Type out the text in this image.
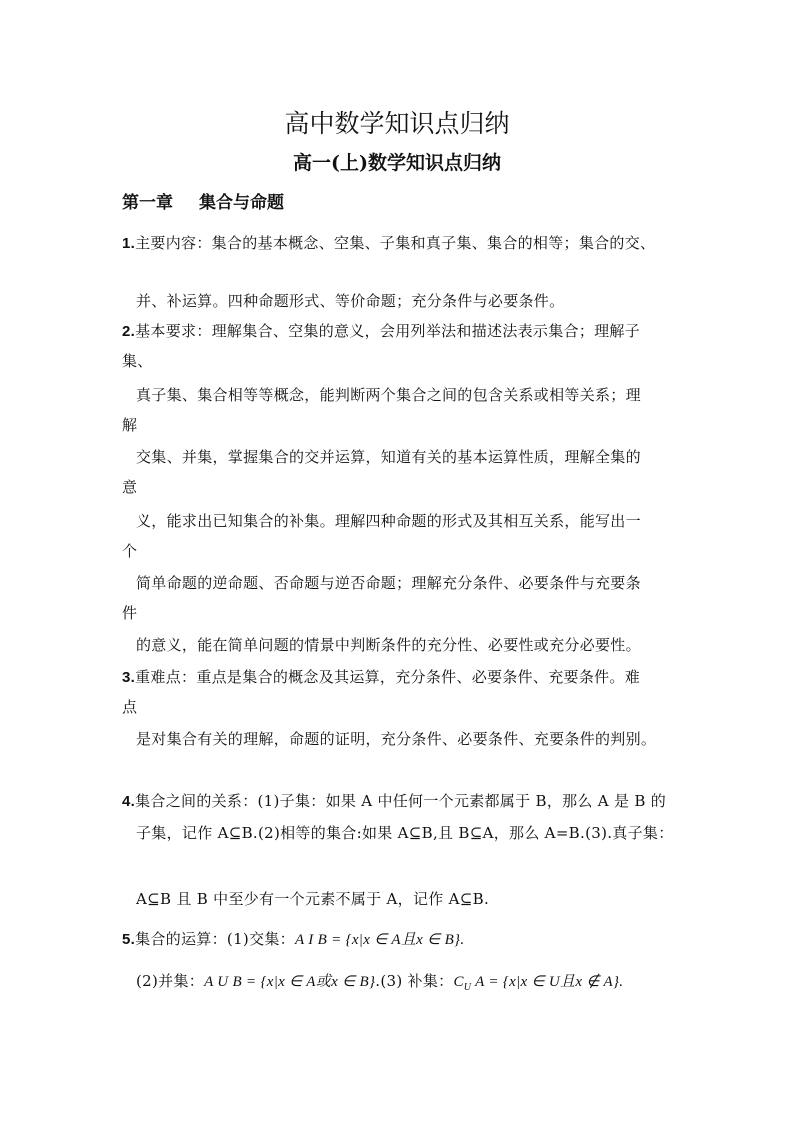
高中数学知识点归纳
高一(上)数学知识点归纳
第一章 集合与命题
1.主要内容：集合的基本概念、空集、子集和真子集、集合的相等；集合的交、
并、补运算。四种命题形式、等价命题；充分条件与必要条件。
2.基本要求：理解集合、空集的意义，会用列举法和描述法表示集合；理解子
集、
真子集、集合相等等概念，能判断两个集合之间的包含关系或相等关系；理
解
交集、并集，掌握集合的交并运算，知道有关的基本运算性质，理解全集的
意
义，能求出已知集合的补集。理解四种命题的形式及其相互关系，能写出一
个
简单命题的逆命题、否命题与逆否命题；理解充分条件、必要条件与充要条
件
的意义，能在简单问题的情景中判断条件的充分性、必要性或充分必要性。
3.重难点：重点是集合的概念及其运算，充分条件、必要条件、充要条件。难
点
是对集合有关的理解，命题的证明，充分条件、必要条件、充要条件的判别。
4.集合之间的关系：(1)子集：如果 A 中任何一个元素都属于 B，那么 A 是 B 的
子集，记作 A⊆B.(2)相等的集合:如果 A⊆B,且 B⊆A，那么 A=B.(3).真子集：
A⊆B 且 B 中至少有一个元素不属于 A，记作 A⊆B.
5.集合的运算：(1)交集：A I B = {x|x ∈ A且x ∈ B}.
(2)并集：A U B = {x|x ∈ A或x ∈ B}.(3) 补集：$C_U$ A = {x|x ∈ U且x ∉ A}.
